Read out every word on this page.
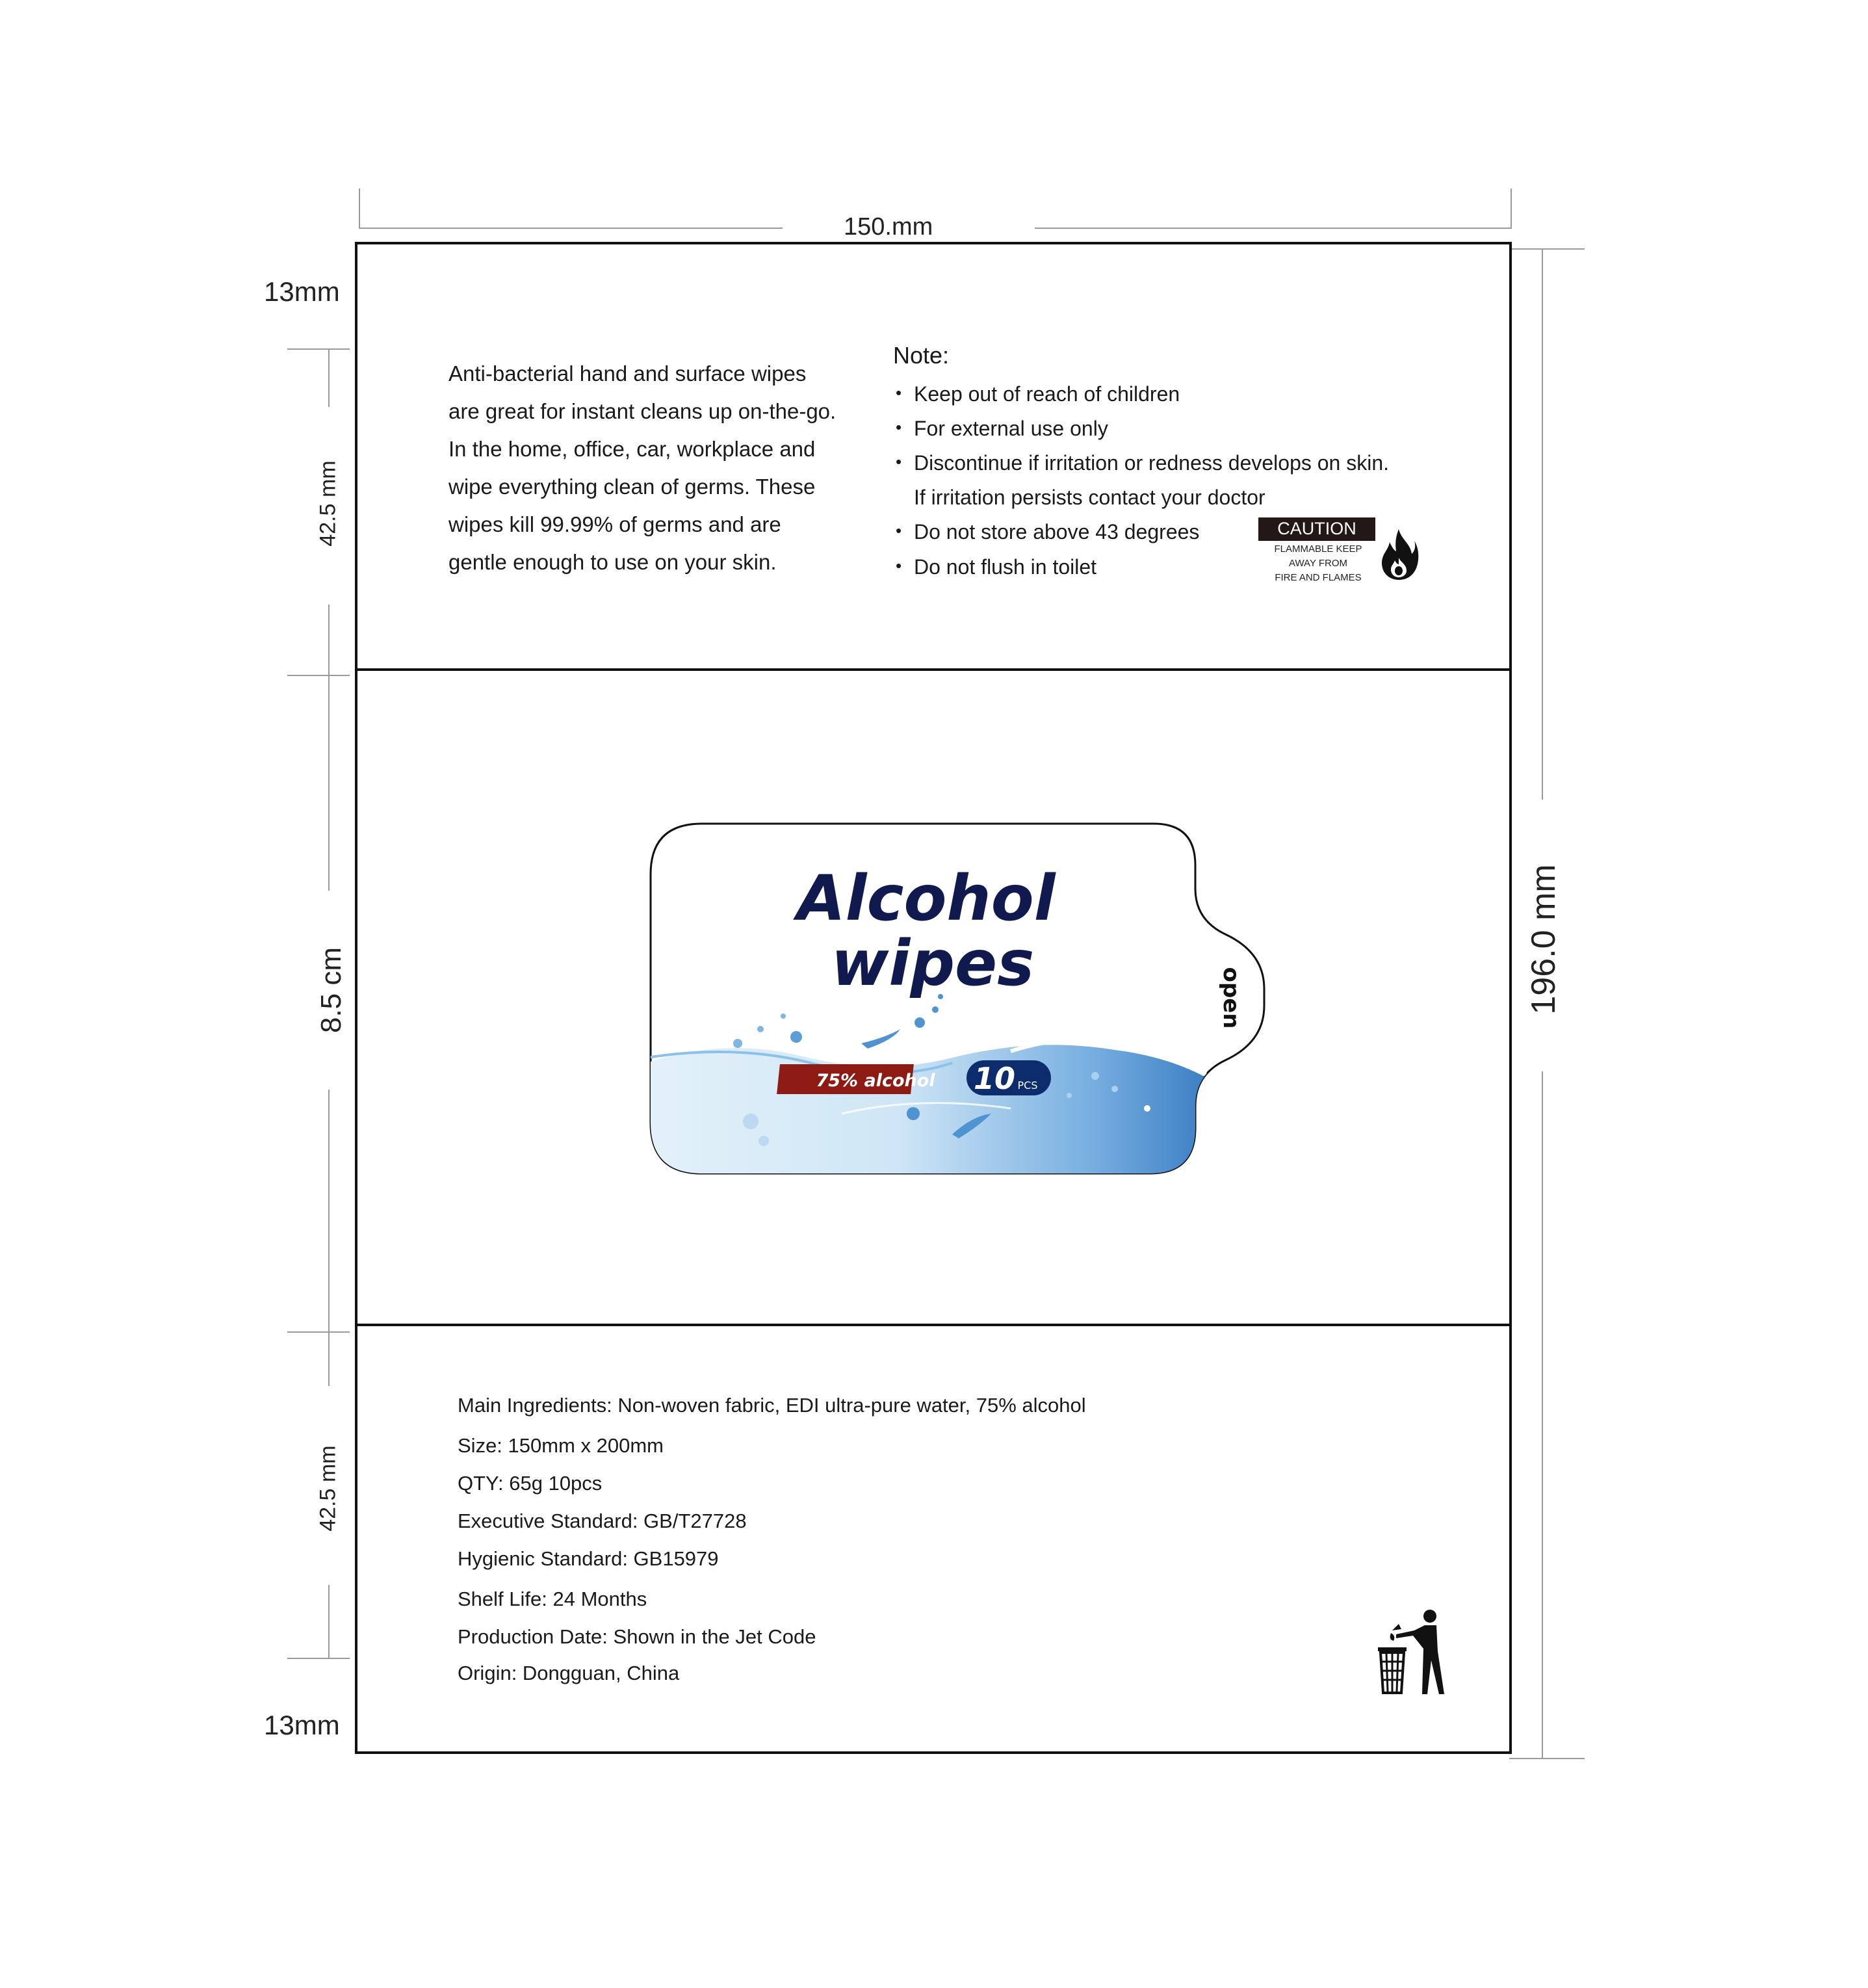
150.mm
196.0 mm
13mm
13mm
42.5 mm
8.5 cm
42.5 mm

Anti-bacterial hand and surface wipes

are great for instant cleans up on-the-go.

In the home, office, car, workplace and

wipe everything clean of germs. These

wipes kill 99.99% of germs and are

gentle enough to use on your skin.

Note:
• Keep out of reach of children
• For external use only
• Discontinue if irritation or redness develops on skin.
If irritation persists contact your doctor
• Do not store above 43 degrees
• Do not flush in toilet
CAUTION
FLAMMABLE KEEP
AWAY FROM
FIRE AND FLAMES
Alcohol
wipes
75% alcohol 10 PCS
open
Main Ingredients: Non-woven fabric, EDI ultra-pure water, 75% alcohol
Size: 150mm x 200mm
QTY: 65g 10pcs
Executive Standard: GB/T27728
Hygienic Standard: GB15979
Shelf Life: 24 Months
Production Date: Shown in the Jet Code
Origin: Dongguan, China
